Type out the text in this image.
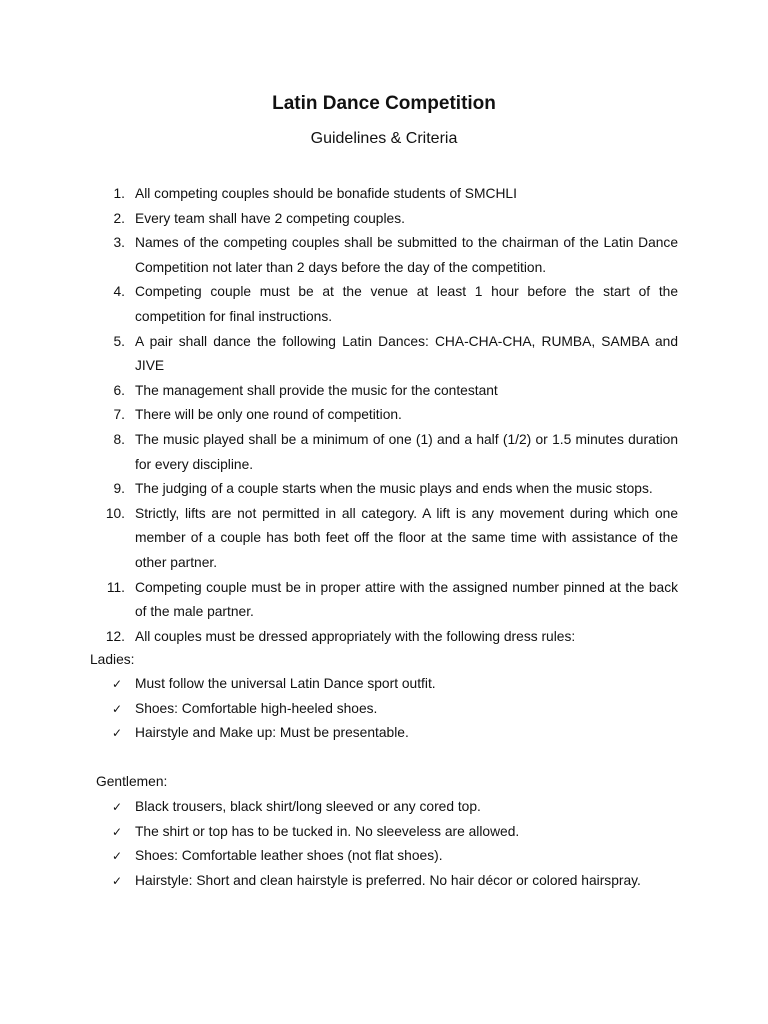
Latin Dance Competition
Guidelines & Criteria
1. All competing couples should be bonafide students of SMCHLI
2. Every team shall have 2 competing couples.
3. Names of the competing couples shall be submitted to the chairman of the Latin Dance Competition not later than 2 days before the day of the competition.
4. Competing couple must be at the venue at least 1 hour before the start of the competition for final instructions.
5. A pair shall dance the following Latin Dances: CHA-CHA-CHA, RUMBA, SAMBA and JIVE
6. The management shall provide the music for the contestant
7. There will be only one round of competition.
8. The music played shall be a minimum of one (1) and a half (1/2) or 1.5 minutes duration for every discipline.
9. The judging of a couple starts when the music plays and ends when the music stops.
10. Strictly, lifts are not permitted in all category. A lift is any movement during which one member of a couple has both feet off the floor at the same time with assistance of the other partner.
11. Competing couple must be in proper attire with the assigned number pinned at the back of the male partner.
12. All couples must be dressed appropriately with the following dress rules:
Ladies:
✓ Must follow the universal Latin Dance sport outfit.
✓ Shoes: Comfortable high-heeled shoes.
✓ Hairstyle and Make up: Must be presentable.
Gentlemen:
✓ Black trousers, black shirt/long sleeved or any cored top.
✓ The shirt or top has to be tucked in. No sleeveless are allowed.
✓ Shoes: Comfortable leather shoes (not flat shoes).
✓ Hairstyle: Short and clean hairstyle is preferred. No hair décor or colored hairspray.
